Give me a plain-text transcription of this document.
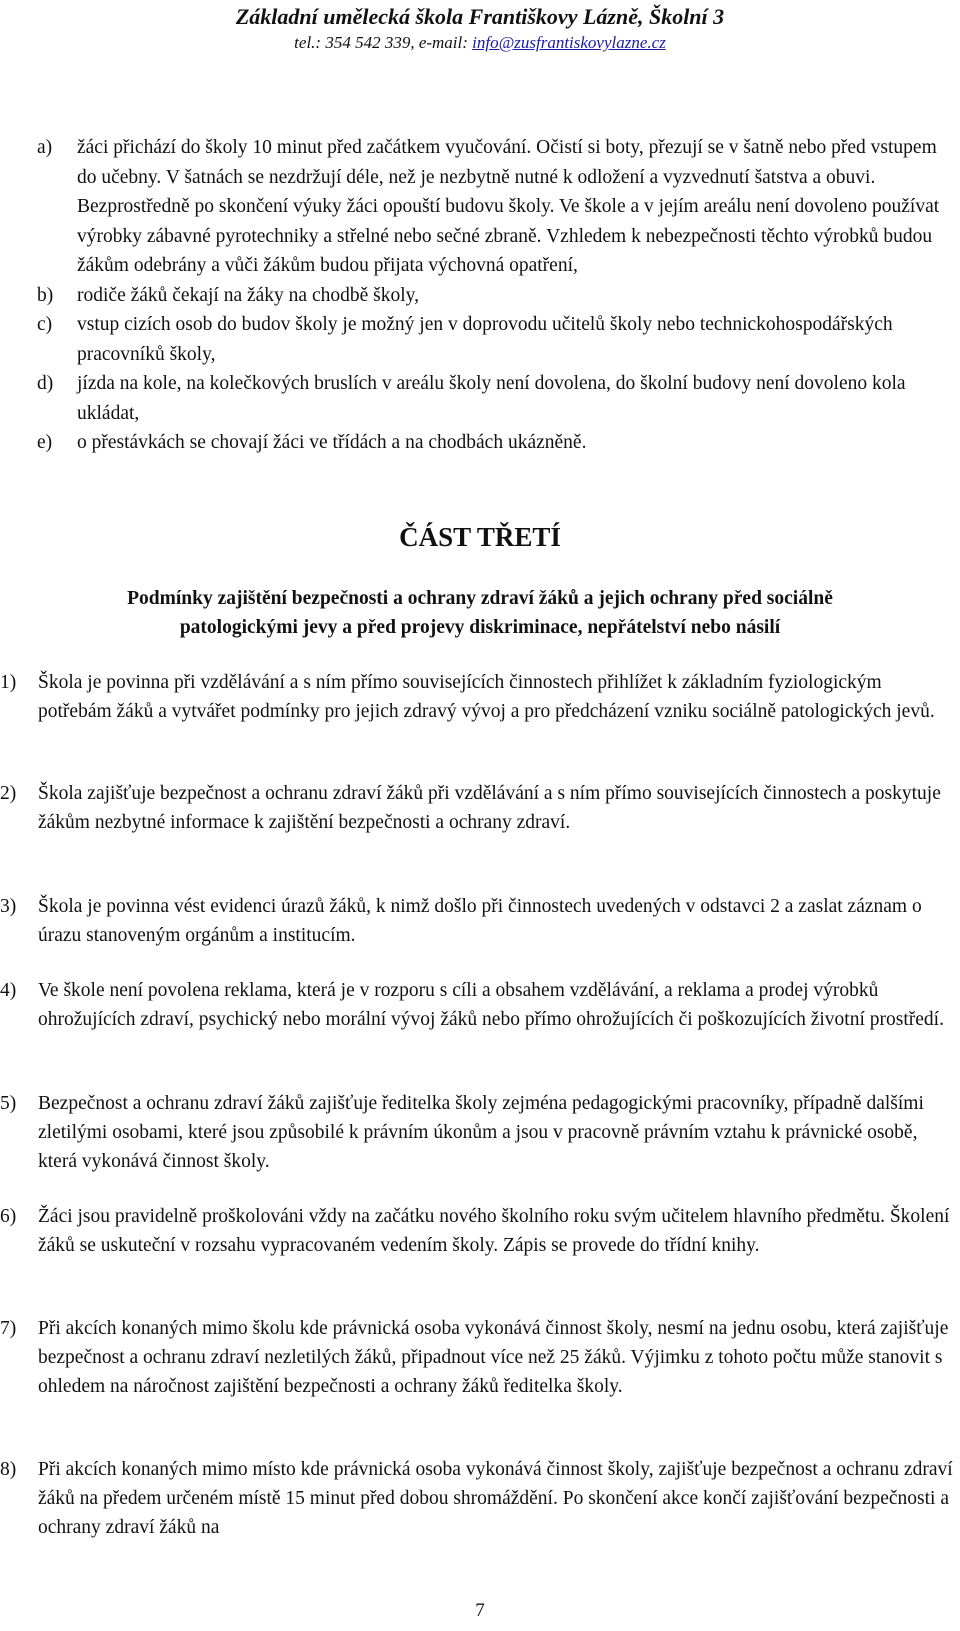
Základní umělecká škola Františkovy Lázně, Školní 3
tel.: 354 542 339, e-mail: info@zusfrantiskovylazne.cz
a) žáci přichází do školy 10 minut před začátkem vyučování. Očistí si boty, přezují se v šatně nebo před vstupem do učebny. V šatnách se nezdržují déle, než je nezbytně nutné k odložení a vyzvednutí šatstva a obuvi. Bezprostředně po skončení výuky žáci opouští budovu školy. Ve škole a v jejím areálu není dovoleno používat výrobky zábavné pyrotechniky a střelné nebo sečné zbraně. Vzhledem k nebezpečnosti těchto výrobků budou žákům odebrány a vůči žákům budou přijata výchovná opatření,
b) rodiče žáků čekají na žáky na chodbě školy,
c) vstup cizích osob do budov školy je možný jen v doprovodu učitelů školy nebo technickohospodářských pracovníků školy,
d) jízda na kole, na kolečkových bruslích v areálu školy není dovolena, do školní budovy není dovoleno kola ukládat,
e) o přestávkách se chovají žáci ve třídách a na chodbách ukázněně.
ČÁST TŘETÍ
Podmínky zajištění bezpečnosti a ochrany zdraví žáků a jejich ochrany před sociálně
patologickými jevy a před projevy diskriminace, nepřátelství nebo násilí
1) Škola je povinna při vzdělávání a s ním přímo souvisejících činnostech přihlížet k základním fyziologickým potřebám žáků a vytvářet podmínky pro jejich zdravý vývoj a pro předcházení vzniku sociálně patologických jevů.
2) Škola zajišťuje bezpečnost a ochranu zdraví žáků při vzdělávání a s ním přímo souvisejících činnostech a poskytuje žákům nezbytné informace k zajištění bezpečnosti a ochrany zdraví.
3) Škola je povinna vést evidenci úrazů žáků, k nimž došlo při činnostech uvedených v odstavci 2 a zaslat záznam o úrazu stanoveným orgánům a institucím.
4) Ve škole není povolena reklama, která je v rozporu s cíli a obsahem vzdělávání, a reklama a prodej výrobků ohrožujících zdraví, psychický nebo morální vývoj žáků nebo přímo ohrožujících či poškozujících životní prostředí.
5) Bezpečnost a ochranu zdraví žáků zajišťuje ředitelka školy zejména pedagogickými pracovníky, případně dalšími zletilými osobami, které jsou způsobilé k právním úkonům a jsou v pracovně právním vztahu k právnické osobě, která vykonává činnost školy.
6) Žáci jsou pravidelně proškolováni vždy na začátku nového školního roku svým učitelem hlavního předmětu. Školení žáků se uskuteční v rozsahu vypracovaném vedením školy. Zápis se provede do třídní knihy.
7) Při akcích konaných mimo školu kde právnická osoba vykonává činnost školy, nesmí na jednu osobu, která zajišťuje bezpečnost a ochranu zdraví nezletilých žáků, připadnout více než 25 žáků. Výjimku z tohoto počtu může stanovit s ohledem na náročnost zajištění bezpečnosti a ochrany žáků ředitelka školy.
8) Při akcích konaných mimo místo kde právnická osoba vykonává činnost školy, zajišťuje bezpečnost a ochranu zdraví žáků na předem určeném místě 15 minut před dobou shromáždění. Po skončení akce končí zajišťování bezpečnosti a ochrany zdraví žáků na
7
